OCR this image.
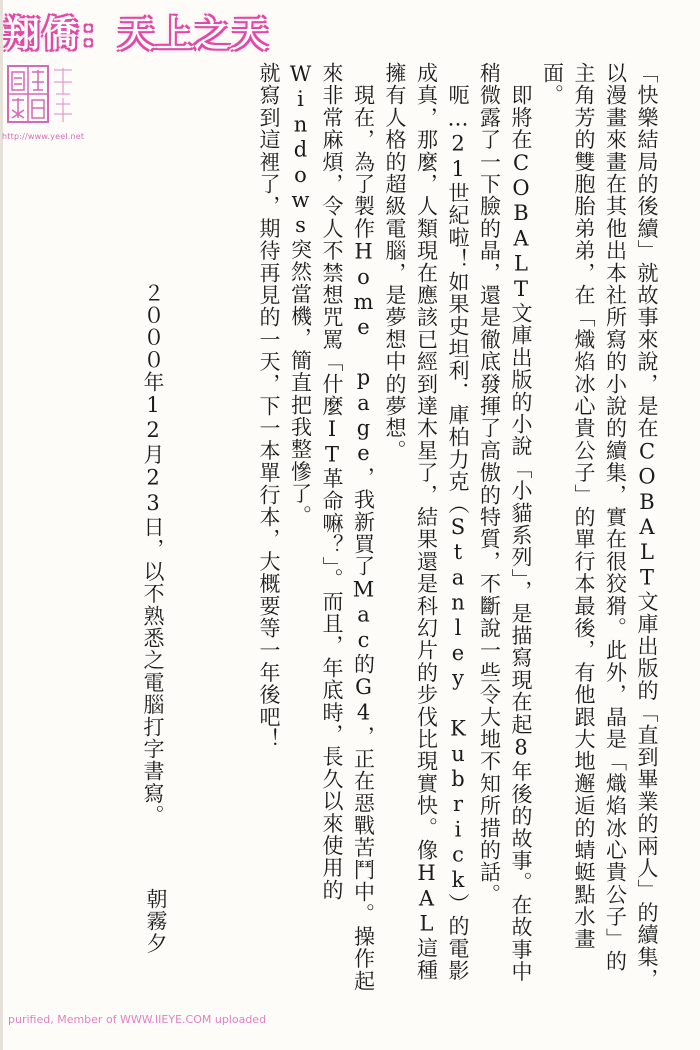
翔僑：天上之天
http://www.yeel.net	「快樂結局的後續」就故事來說，是在COBALT文庫出版的「直到畢業的兩人」的續集，以漫畫來畫在其他出本社所寫的小說的續集，實在很狡猾。此外，晶是「熾焰冰心貴公子」的主角芳的雙胞胎弟弟，在「熾焰冰心貴公子」的單行本最後，有他跟大地邂逅的蜻蜓點水畫面。

　即將在COBALT文庫出版的小說「小貓系列」，是描寫現在起8年後的故事。在故事中稍微露了一下臉的晶，還是徹底發揮了高傲的特質，不斷說一些令大地不知所措的話。

　呃…21世紀啦！如果史坦利．庫柏力克（Stanley Kubrick）的電影成真，那麼，人類現在應該已經到達木星了，結果還是科幻片的步伐比現實快。像HAL這種擁有人格的超級電腦，是夢想中的夢想。

　現在，為了製作Home page，我新買了Mac的G4，正在惡戰苦鬥中。操作起來非常麻煩，令人不禁想咒罵「什麼IT革命嘛？」。而且，年底時，長久以來使用的Windows突然當機，簡直把我整慘了。

就寫到這裡了，期待再見的一天，下一本單行本，大概要等一年後吧！

２０００年12月23日，以不熟悉之電腦打字書寫。
朝霧夕
purified, Member of WWW.IIEYE.COM uploaded
